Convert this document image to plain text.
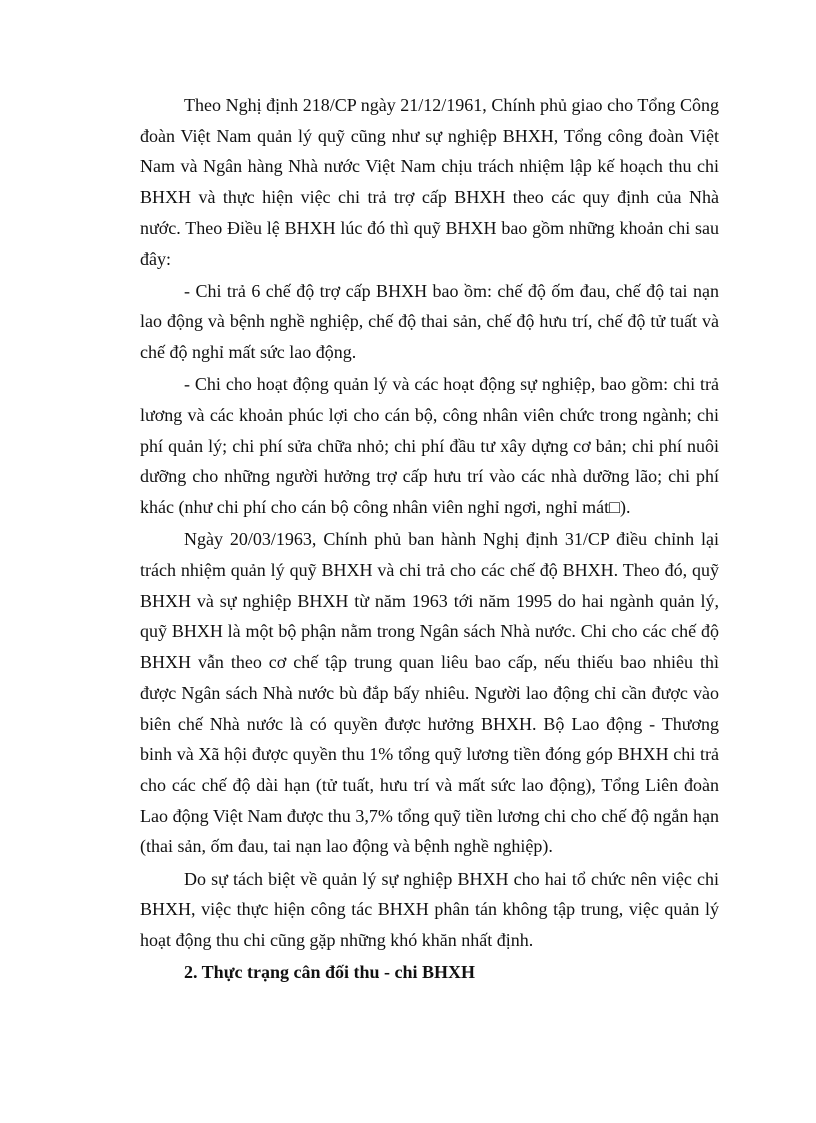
Theo Nghị định 218/CP ngày 21/12/1961, Chính phủ giao cho Tổng Công đoàn Việt Nam quản lý quỹ cũng như sự nghiệp BHXH, Tổng công đoàn Việt Nam và Ngân hàng Nhà nước Việt Nam chịu trách nhiệm lập kế hoạch thu chi BHXH và thực hiện việc chi trả trợ cấp BHXH theo các quy định của Nhà nước. Theo Điều lệ BHXH lúc đó thì quỹ BHXH bao gồm những khoản chi sau đây:

- Chi trả 6 chế độ trợ cấp BHXH bao ồm: chế độ ốm đau, chế độ tai nạn lao động và bệnh nghề nghiệp, chế độ thai sản, chế độ hưu trí, chế độ tử tuất và chế độ nghỉ mất sức lao động.

- Chi cho hoạt động quản lý và các hoạt động sự nghiệp, bao gồm: chi trả lương và các khoản phúc lợi cho cán bộ, công nhân viên chức trong ngành; chi phí quản lý; chi phí sửa chữa nhỏ; chi phí đầu tư xây dựng cơ bản; chi phí nuôi dưỡng cho những người hưởng trợ cấp hưu trí vào các nhà dưỡng lão; chi phí khác (như chi phí cho cán bộ công nhân viên nghỉ ngơi, nghỉ mát□).

Ngày 20/03/1963, Chính phủ ban hành Nghị định 31/CP điều chỉnh lại trách nhiệm quản lý quỹ BHXH và chi trả cho các chế độ BHXH. Theo đó, quỹ BHXH và sự nghiệp BHXH từ năm 1963 tới năm 1995 do hai ngành quản lý, quỹ BHXH là một bộ phận nằm trong Ngân sách Nhà nước. Chi cho các chế độ BHXH vẫn theo cơ chế tập trung quan liêu bao cấp, nếu thiếu bao nhiêu thì được Ngân sách Nhà nước bù đắp bấy nhiêu. Người lao động chỉ cần được vào biên chế Nhà nước là có quyền được hưởng BHXH. Bộ Lao động - Thương binh và Xã hội được quyền thu 1% tổng quỹ lương tiền đóng góp BHXH chi trả cho các chế độ dài hạn (tử tuất, hưu trí và mất sức lao động), Tổng Liên đoàn Lao động Việt Nam được thu 3,7% tổng quỹ tiền lương chi cho chế độ ngắn hạn (thai sản, ốm đau, tai nạn lao động và bệnh nghề nghiệp).

Do sự tách biệt về quản lý sự nghiệp BHXH cho hai tổ chức nên việc chi BHXH, việc thực hiện công tác BHXH phân tán không tập trung, việc quản lý hoạt động thu chi cũng gặp những khó khăn nhất định.

2. Thực trạng cân đối thu - chi BHXH
